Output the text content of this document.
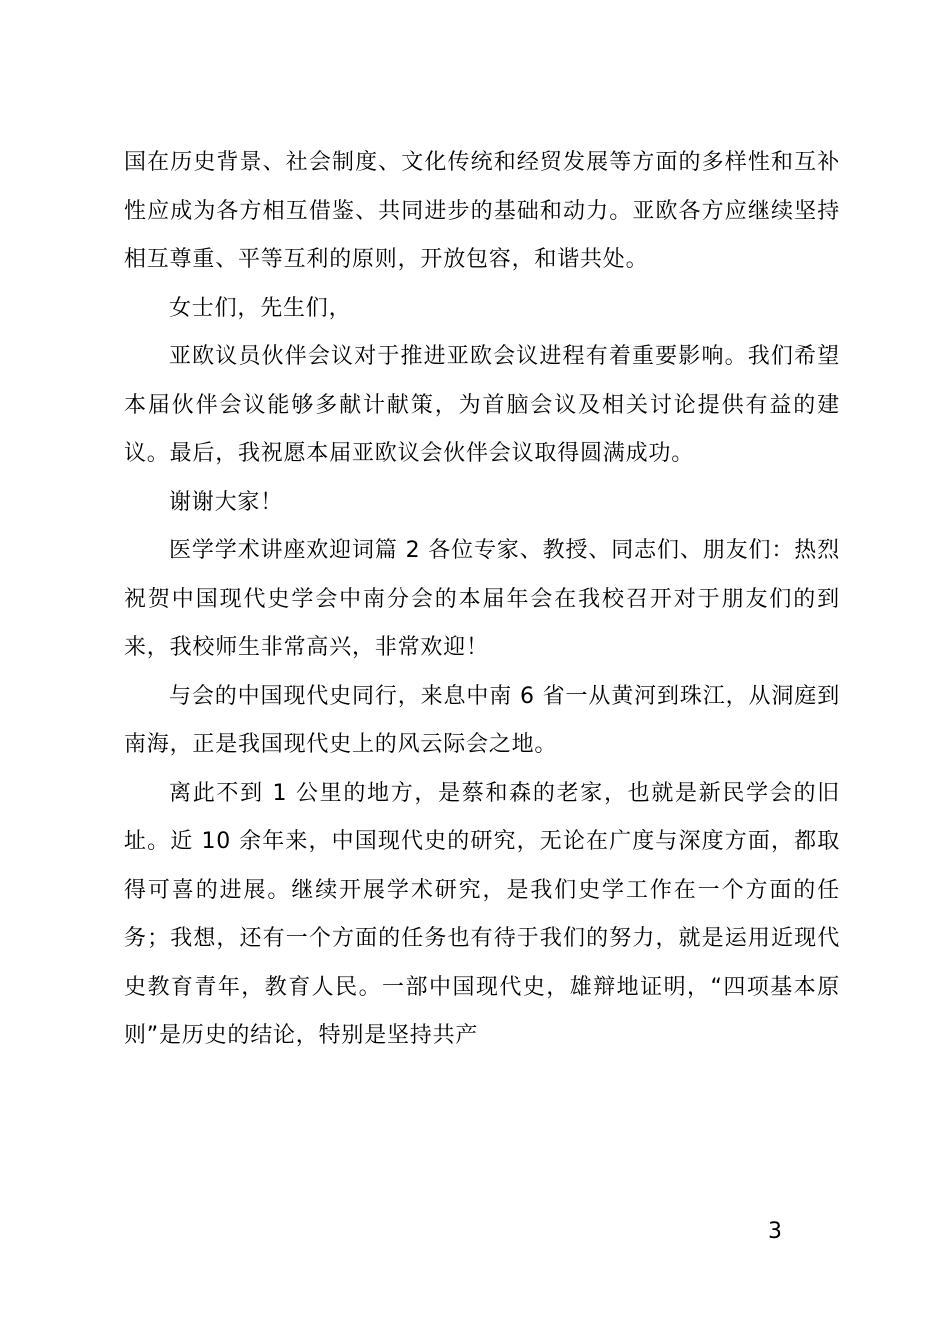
国在历史背景、社会制度、文化传统和经贸发展等方面的多样性和互补性应成为各方相互借鉴、共同进步的基础和动力。亚欧各方应继续坚持相互尊重、平等互利的原则，开放包容，和谐共处。

女士们，先生们，

亚欧议员伙伴会议对于推进亚欧会议进程有着重要影响。我们希望本届伙伴会议能够多献计献策，为首脑会议及相关讨论提供有益的建议。最后，我祝愿本届亚欧议会伙伴会议取得圆满成功。

谢谢大家！

医学学术讲座欢迎词篇 2 各位专家、教授、同志们、朋友们：热烈祝贺中国现代史学会中南分会的本届年会在我校召开对于朋友们的到来，我校师生非常高兴，非常欢迎！

与会的中国现代史同行，来息中南 6 省一从黄河到珠江，从洞庭到南海，正是我国现代史上的风云际会之地。

离此不到 1 公里的地方，是蔡和森的老家，也就是新民学会的旧址。近 10 余年来，中国现代史的研究，无论在广度与深度方面，都取得可喜的进展。继续开展学术研究，是我们史学工作在一个方面的任务；我想，还有一个方面的任务也有待于我们的努力，就是运用近现代史教育青年，教育人民。一部中国现代史，雄辩地证明，“四项基本原则”是历史的结论，特别是坚持共产

3
